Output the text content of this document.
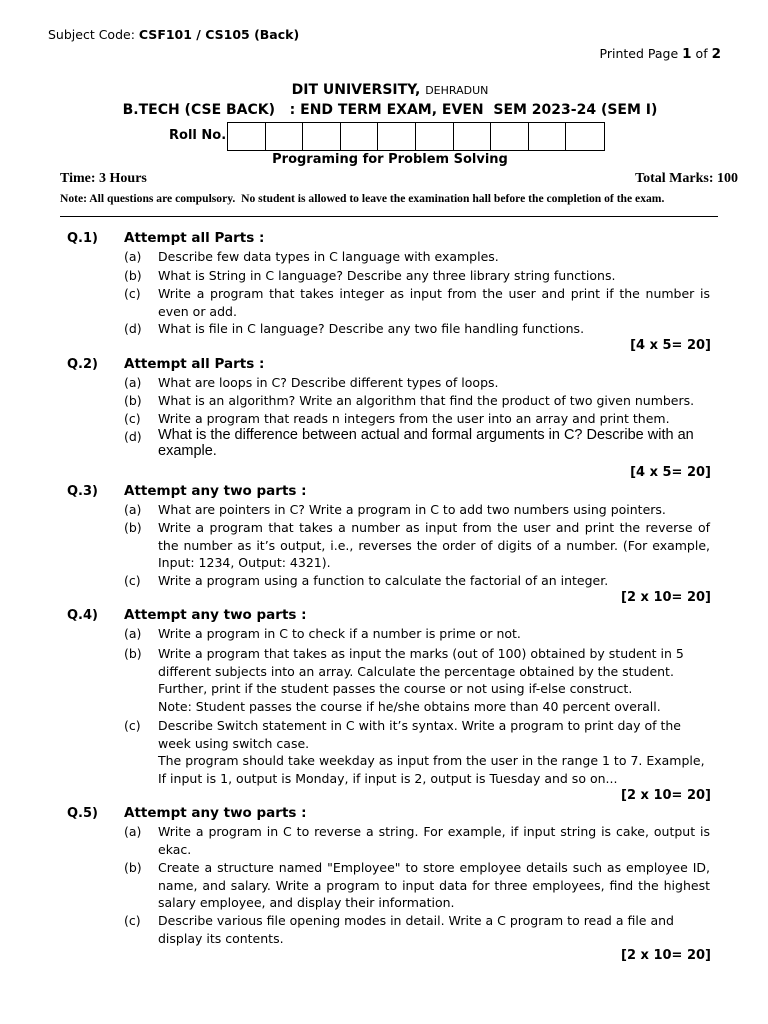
Subject Code: CSF101 / CS105 (Back)
Printed Page 1 of 2
DIT UNIVERSITY, DEHRADUN
B.TECH (CSE BACK)   : END TERM EXAM, EVEN  SEM 2023-24 (SEM I)
Roll No.
Programing for Problem Solving
Time: 3 Hours	Total Marks: 100
Note: All questions are compulsory.  No student is allowed to leave the examination hall before the completion of the exam.
Q.1) Attempt all Parts :
(a) Describe few data types in C language with examples.
(b) What is String in C language? Describe any three library string functions.
(c) Write a program that takes integer as input from the user and print if the number is even or add.
(d) What is file in C language? Describe any two file handling functions.
[4 x 5= 20]
Q.2) Attempt all Parts :
(a) What are loops in C? Describe different types of loops.
(b) What is an algorithm? Write an algorithm that find the product of two given numbers.
(c) Write a program that reads n integers from the user into an array and print them.
(d) What is the difference between actual and formal arguments in C? Describe with an example.
[4 x 5= 20]
Q.3) Attempt any two parts :
(a) What are pointers in C? Write a program in C to add two numbers using pointers.
(b) Write a program that takes a number as input from the user and print the reverse of the number as it’s output, i.e., reverses the order of digits of a number. (For example, Input: 1234, Output: 4321).
(c) Write a program using a function to calculate the factorial of an integer.
[2 x 10= 20]
Q.4) Attempt any two parts :
(a) Write a program in C to check if a number is prime or not.
(b) Write a program that takes as input the marks (out of 100) obtained by student in 5 different subjects into an array. Calculate the percentage obtained by the student. Further, print if the student passes the course or not using if-else construct.
Note: Student passes the course if he/she obtains more than 40 percent overall.
(c) Describe Switch statement in C with it’s syntax. Write a program to print day of the week using switch case.
The program should take weekday as input from the user in the range 1 to 7. Example, If input is 1, output is Monday, if input is 2, output is Tuesday and so on...
[2 x 10= 20]
Q.5) Attempt any two parts :
(a) Write a program in C to reverse a string. For example, if input string is cake, output is ekac.
(b) Create a structure named "Employee" to store employee details such as employee ID, name, and salary. Write a program to input data for three employees, find the highest salary employee, and display their information.
(c) Describe various file opening modes in detail. Write a C program to read a file and display its contents.
[2 x 10= 20]
